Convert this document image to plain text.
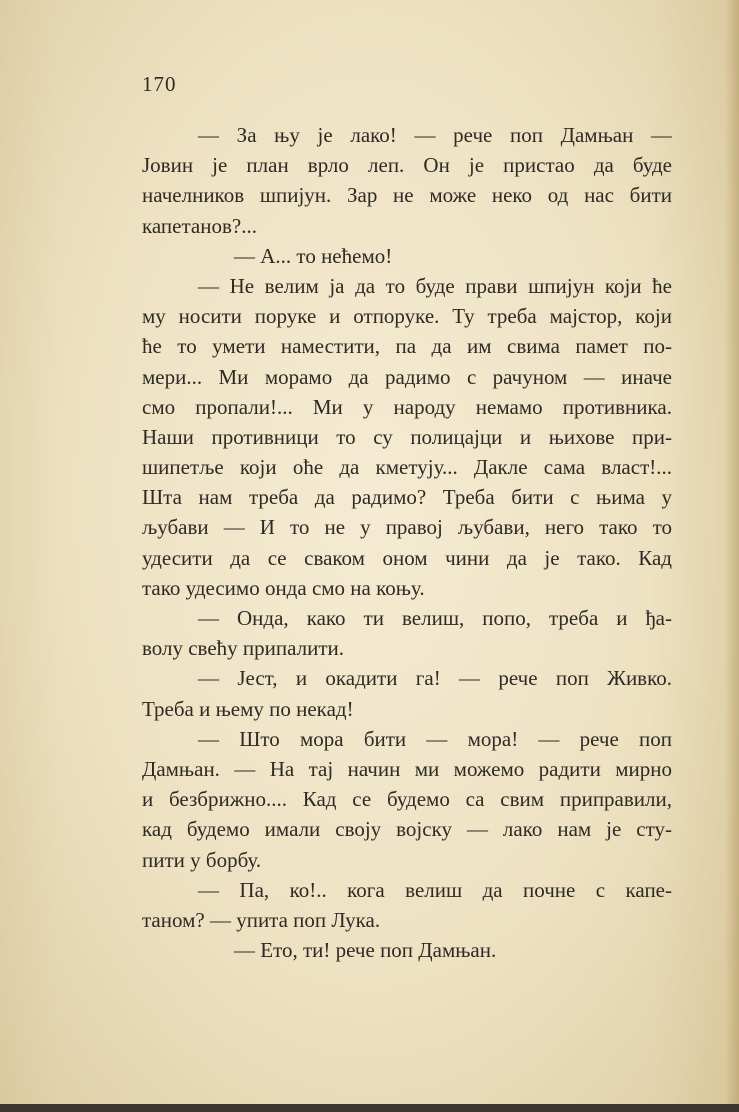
170
— За њу је лако! — рече поп Дамњан —
Јовин је план врло леп. Он је пристао да буде
начелников шпијун. Зар не може неко од нас бити
капетанов?...
— А... то нећемо!
— Не велим ја да то буде прави шпијун који ће
му носити поруке и отпоруке. Ту треба мајстор, који
ће то умети наместити, па да им свима памет по-
мери... Ми морамо да радимо с рачуном — иначе
смо пропали!... Ми у народу немамо противника.
Наши противници то су полицајци и њихове при-
шипетље који оће да кметују... Дакле сама власт!...
Шта нам треба да радимо? Треба бити с њима у
љубави — И то не у правој љубави, него тако то
удесити да се сваком оном чини да је тако. Кад
тако удесимо онда смо на коњу.
— Онда, како ти велиш, попо, треба и ђа-
волу свећу припалити.
— Јест, и окадити га! — рече поп Живко.
Треба и њему по некад!
— Што мора бити — мора! — рече поп
Дамњан. — На тај начин ми можемо радити мирно
и безбрижно.... Кад се будемо са свим приправили,
кад будемо имали своју војску — лако нам је сту-
пити у борбу.
— Па, ко!.. кога велиш да почне с капе-
таном? — упита поп Лука.
— Ето, ти! рече поп Дамњан.
